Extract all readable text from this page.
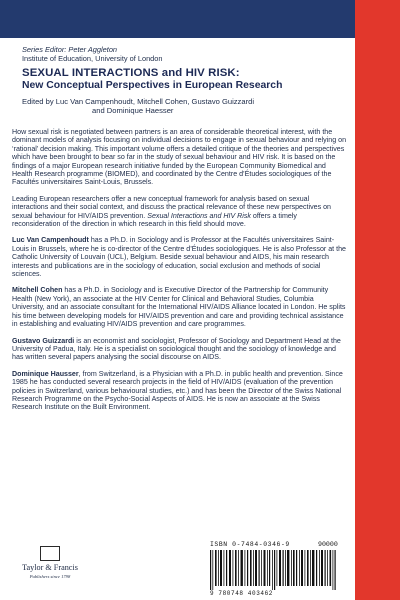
Series Editor: Peter Aggleton
Institute of Education, University of London
SEXUAL INTERACTIONS and HIV RISK:
New Conceptual Perspectives in European Research
Edited by Luc Van Campenhoudt, Mitchell Cohen, Gustavo Guizzardi
and Dominique Haesser

How sexual risk is negotiated between partners is an area of considerable theoretical interest, with the dominant models of analysis focusing on individual decisions to engage in sexual behaviour and relying on ‘rational’ decision making. This important volume offers a detailed critique of the theories and perspectives which have been brought to bear so far in the study of sexual behaviour and HIV risk. It is based on the findings of a major European research initiative funded by the European Community Biomedical and Health Research programme (BIOMED), and coordinated by the Centre d’Études sociologiques of the Facultés universitaires Saint-Louis, Brussels.

Leading European researchers offer a new conceptual framework for analysis based on sexual interactions and their social context, and discuss the practical relevance of these new perspectives on sexual behaviour for HIV/AIDS prevention. Sexual Interactions and HIV Risk offers a timely reconsideration of the direction in which research in this field should move.

Luc Van Campenhoudt has a Ph.D. in Sociology and is Professor at the Facultés universitaires Saint-Louis in Brussels, where he is co-director of the Centre d’Études sociologiques. He is also Professor at the Catholic University of Louvain (UCL), Belgium. Beside sexual behaviour and AIDS, his main research interests and publications are in the sociology of education, social exclusion and methods of social sciences.

Mitchell Cohen has a Ph.D. in Sociology and is Executive Director of the Partnership for Community Health (New York), an associate at the HIV Center for Clinical and Behavioral Studies, Columbia University, and an associate consultant for the International HIV/AIDS Alliance located in London. He splits his time between developing models for HIV/AIDS prevention and care and providing technical assistance in establishing and evaluating HIV/AIDS prevention and care programmes.

Gustavo Guizzardi is an economist and sociologist, Professor of Sociology and Department Head at the University of Padua, Italy. He is a specialist on sociological thought and the sociology of knowledge and has written several papers analysing the social discourse on AIDS.

Dominique Hausser, from Switzerland, is a Physician with a Ph.D. in public health and prevention. Since 1985 he has conducted several research projects in the field of HIV/AIDS (evaluation of the prevention policies in Switzerland, various behavioural studies, etc.) and has been the Director of the Swiss National Research Programme on the Psycho-Social Aspects of AIDS. He is now an associate at the Swiss Research Institute on the Built Environment.

Taylor & Francis
Publishers since 1798
ISBN 0-7484-0346-9	90000
9 780748 403462
